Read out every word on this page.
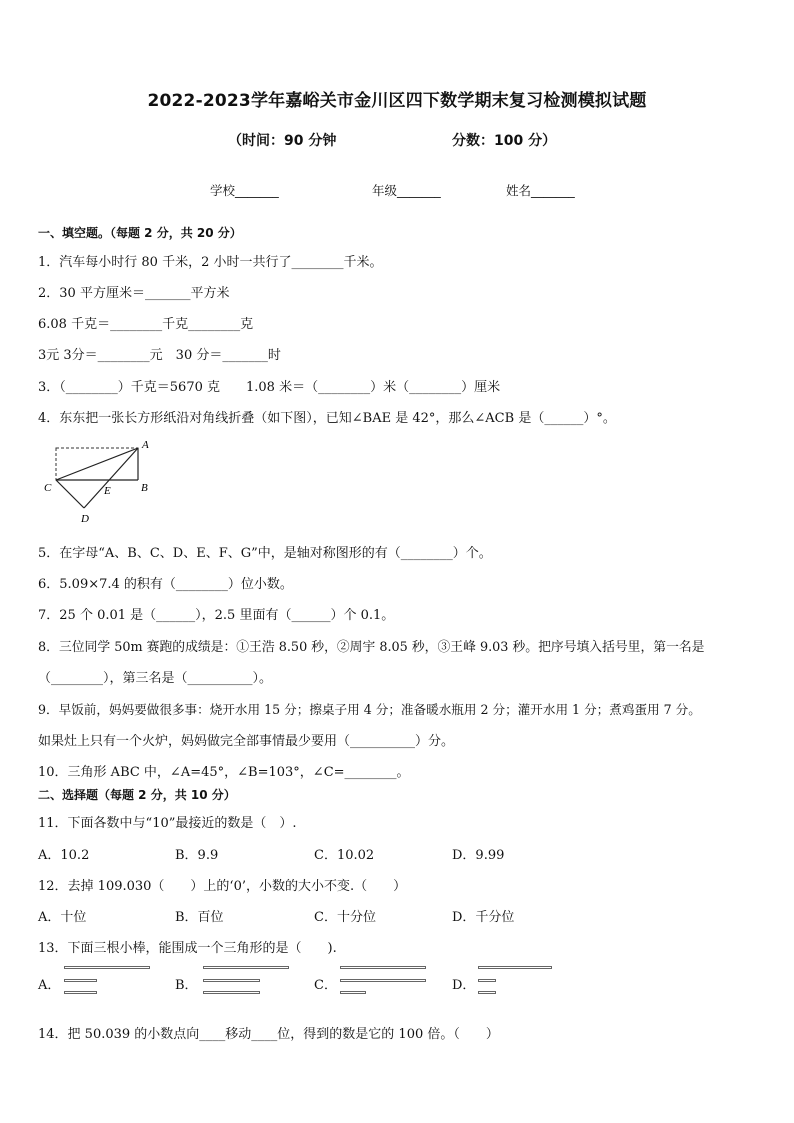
2022-2023学年嘉峪关市金川区四下数学期末复习检测模拟试题
（时间：90 分钟	分数：100 分）
学校_______	年级_______	姓名_______
一、填空题。（每题 2 分，共 20 分）
1．汽车每小时行 80 千米，2 小时一共行了________千米。
2．30 平方厘米＝_______平方米
6.08 千克＝________千克________克
3元 3分＝________元　30 分＝_______时
3．（________）千克＝5670 克　　1.08 米＝（________）米（________）厘米
4．东东把一张长方形纸沿对角线折叠（如下图），已知∠BAE 是 42°，那么∠ACB 是（______）°。
A
C	E	B
D
5．在字母“A、B、C、D、E、F、G”中，是轴对称图形的有（________）个。
6．5.09×7.4 的积有（________）位小数。
7．25 个 0.01 是（______），2.5 里面有（______）个 0.1。
8．三位同学 50m 赛跑的成绩是：①王浩 8.50 秒，②周宇 8.05 秒，③王峰 9.03 秒。把序号填入括号里，第一名是
（________），第三名是（__________）。
9．早饭前，妈妈要做很多事：烧开水用 15 分；擦桌子用 4 分；准备暖水瓶用 2 分；灌开水用 1 分；煮鸡蛋用 7 分。
如果灶上只有一个火炉，妈妈做完全部事情最少要用（__________）分。
10．三角形 ABC 中，∠A=45°，∠B=103°，∠C=________。
二、选择题（每题 2 分，共 10 分）
11．下面各数中与“10”最接近的数是（　）.
A．10.2	B．9.9	C．10.02	D．9.99
12．去掉 109.030（　　）上的‘0’，小数的大小不变.（　　）
A．十位	B．百位	C．十分位	D．千分位
13．下面三根小棒，能围成一个三角形的是（　　).
A．	B．	C．	D．
14．把 50.039 的小数点向____移动____位，得到的数是它的 100 倍。（　　）
